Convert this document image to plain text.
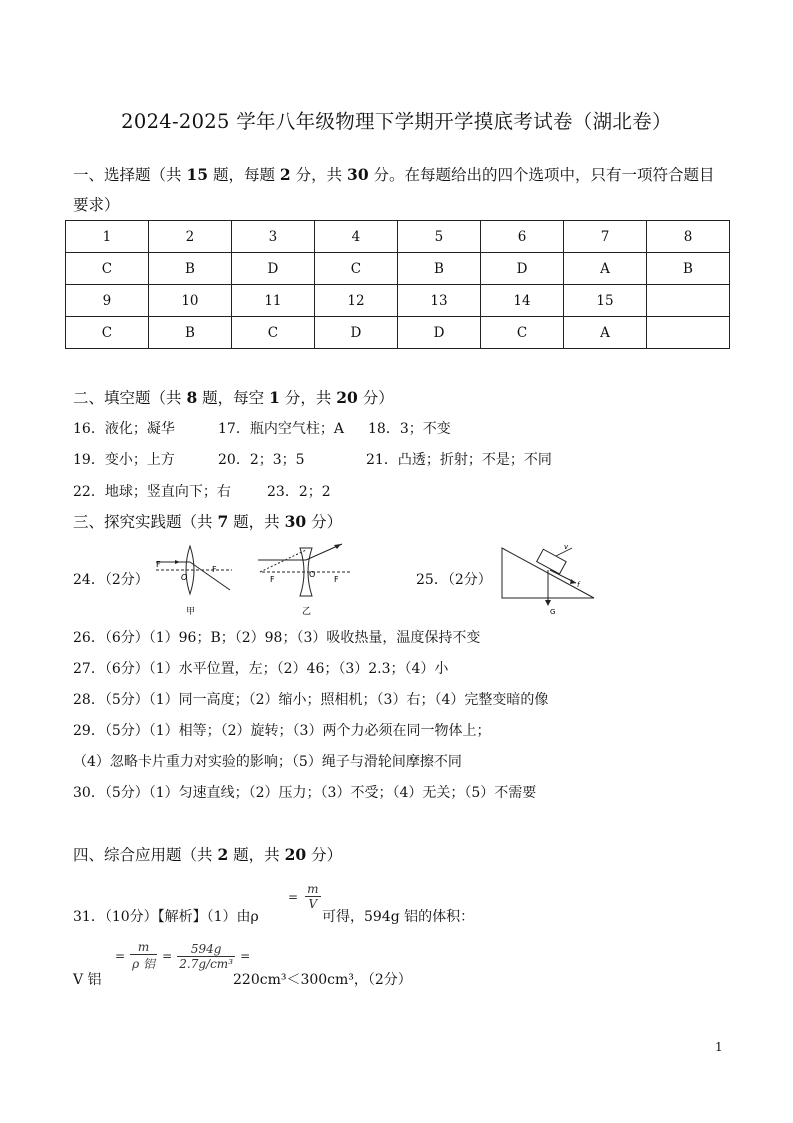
2024-2025 学年八年级物理下学期开学摸底考试卷（湖北卷）
一、选择题（共 15 题，每题 2 分，共 30 分。在每题给出的四个选项中，只有一项符合题目
要求）
1	2	3	4	5	6	7	8
C	B	D	C	B	D	A	B
9	10	11	12	13	14	15	
C	B	C	D	D	C	A	
二、填空题（共 8 题，每空 1 分，共 20 分）
16．液化；凝华	17．瓶内空气柱；A 18．3；不变
19．变小；上方	20．2；3；5	21．凸透；折射；不是；不同
22．地球；竖直向下；右	23．2；2
三、探究实践题（共 7 题，共 30 分）
24．（2分）
F
O
F
甲
F
O
F
乙
25．（2分）
v
f
G
26．（6分）（1）96；B；（2）98；（3）吸收热量，温度保持不变
27．（6分）（1）水平位置，左；（2）46；（3）2.3；（4）小
28．（5分）（1）同一高度；（2）缩小；照相机；（3）右；（4）完整变暗的像
29．（5分）（1）相等；（2）旋转；（3）两个力必须在同一物体上；
（4）忽略卡片重力对实验的影响；（5）绳子与滑轮间摩擦不同
30．（5分）（1）匀速直线；（2）压力；（3）不受；（4）无关；（5）不需要
四、综合应用题（共 2 题，共 20 分）
31．（10分）【解析】（1）由ρ
= $\frac{m}{V}$
可得，594g 铝的体积：
V 铝
= $\frac{m}{\text{ρ 铝}} = \frac{594g}{\text{2.7g/cm³}}$ =
220cm³＜300cm³，（2分）
1
